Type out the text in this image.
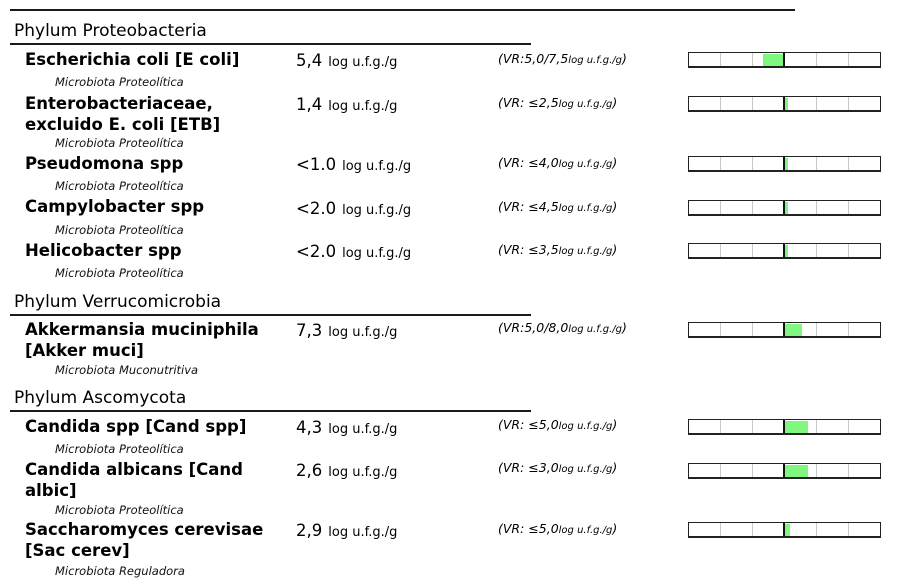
Phylum Proteobacteria
Escherichia coli [E coli]
Microbiota Proteolítica
5,4 log u.f.g./g	(VR:5,0/7,5log u.f.g./g)
Enterobacteriaceae, excluido E. coli [ETB]
Microbiota Proteolítica
1,4 log u.f.g./g	(VR: ≤2,5log u.f.g./g)
Pseudomona spp
Microbiota Proteolítica
<1.0 log u.f.g./g	(VR: ≤4,0log u.f.g./g)
Campylobacter spp
Microbiota Proteolítica
<2.0 log u.f.g./g	(VR: ≤4,5log u.f.g./g)
Helicobacter spp
Microbiota Proteolítica
<2.0 log u.f.g./g	(VR: ≤3,5log u.f.g./g)
Phylum Verrucomicrobia
Akkermansia muciniphila [Akker muci]
Microbiota Muconutritiva
7,3 log u.f.g./g	(VR:5,0/8,0log u.f.g./g)
Phylum Ascomycota
Candida spp [Cand spp]
Microbiota Proteolítica
4,3 log u.f.g./g	(VR: ≤5,0log u.f.g./g)
Candida albicans [Cand albic]
Microbiota Proteolítica
2,6 log u.f.g./g	(VR: ≤3,0log u.f.g./g)
Saccharomyces cerevisae [Sac cerev]
Microbiota Reguladora
2,9 log u.f.g./g	(VR: ≤5,0log u.f.g./g)
